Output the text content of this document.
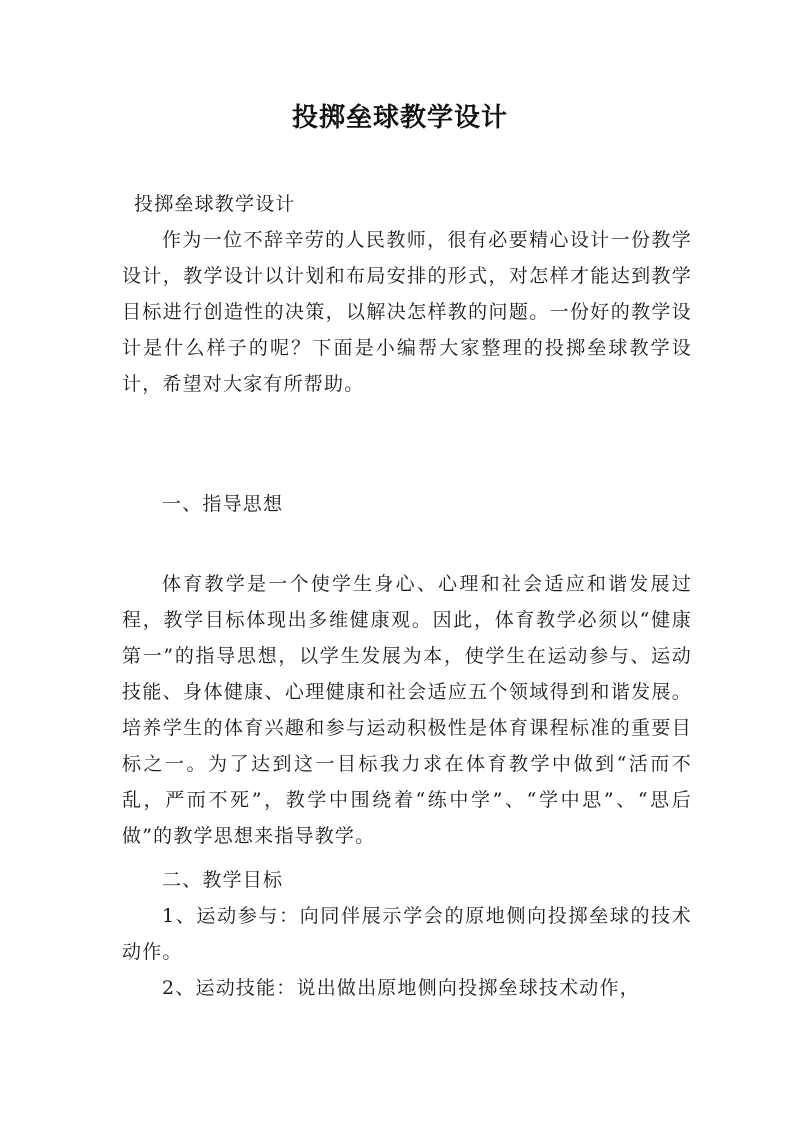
投掷垒球教学设计
投掷垒球教学设计
作为一位不辞辛劳的人民教师，很有必要精心设计一份教学设计，教学设计以计划和布局安排的形式，对怎样才能达到教学目标进行创造性的决策，以解决怎样教的问题。一份好的教学设计是什么样子的呢？下面是小编帮大家整理的投掷垒球教学设计，希望对大家有所帮助。
一、指导思想
体育教学是一个使学生身心、心理和社会适应和谐发展过程，教学目标体现出多维健康观。因此，体育教学必须以“健康第一”的指导思想，以学生发展为本，使学生在运动参与、运动技能、身体健康、心理健康和社会适应五个领域得到和谐发展。培养学生的体育兴趣和参与运动积极性是体育课程标准的重要目标之一。为了达到这一目标我力求在体育教学中做到“活而不乱，严而不死”，教学中围绕着“练中学”、“学中思”、“思后做”的教学思想来指导教学。
二、教学目标
1、运动参与：向同伴展示学会的原地侧向投掷垒球的技术动作。
2、运动技能：说出做出原地侧向投掷垒球技术动作，
